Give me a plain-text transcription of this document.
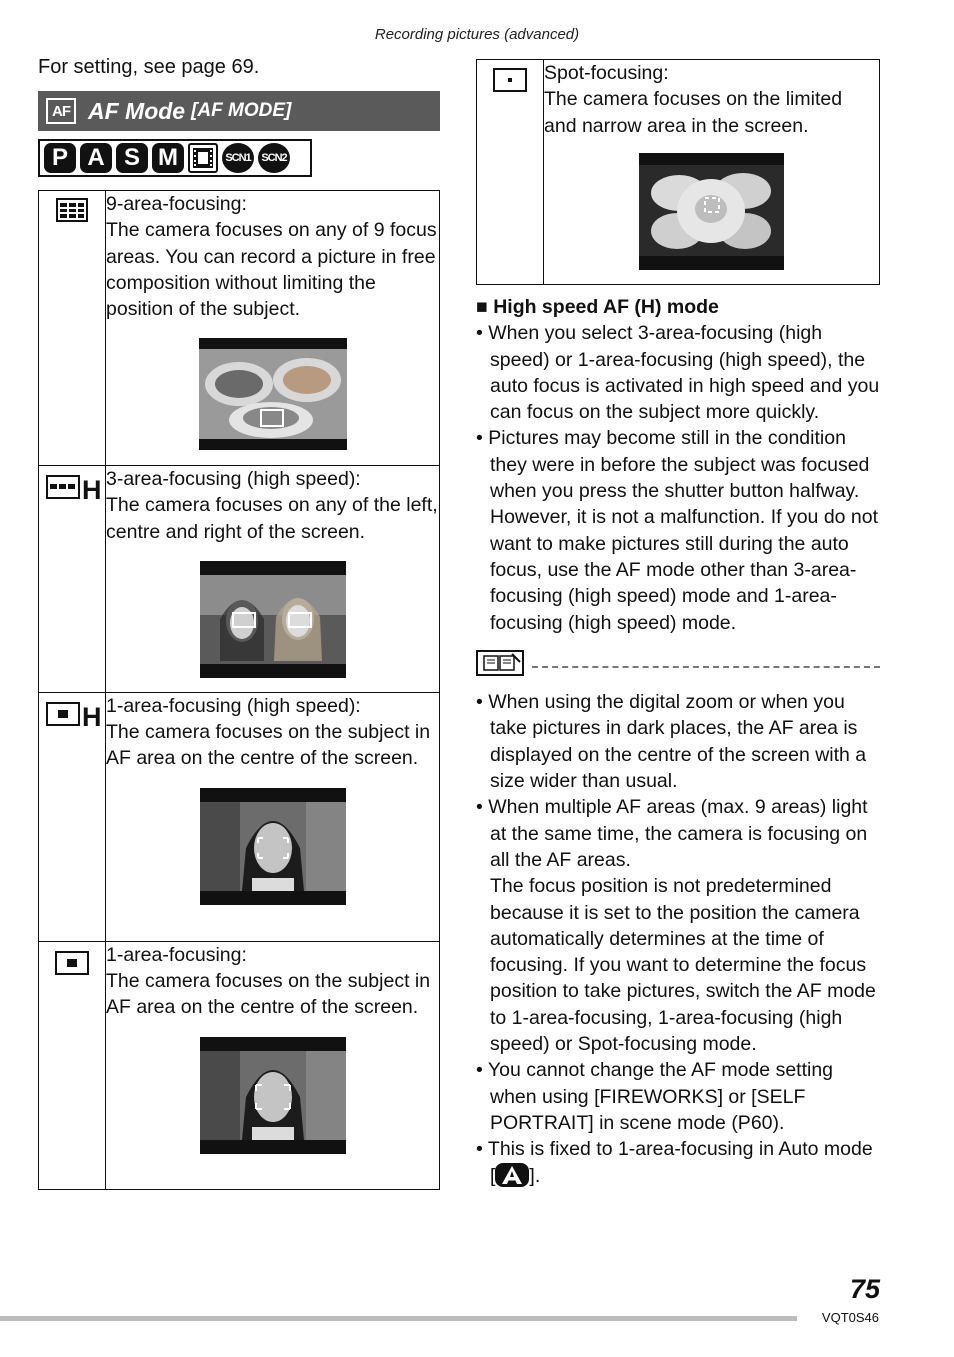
Recording pictures (advanced)
For setting, see page 69.
AF AF Mode [AF MODE]
P A S M	SCN1 SCN2

9-area-focusing:
The camera focuses on any of 9 focus areas. You can record a picture in free composition without limiting the position of the subject.

H	3-area-focusing (high speed):
The camera focuses on any of the left, centre and right of the screen.

H	1-area-focusing (high speed):
The camera focuses on the subject in AF area on the centre of the screen.

1-area-focusing:
The camera focuses on the subject in AF area on the centre of the screen.

Spot-focusing:
The camera focuses on the limited and narrow area in the screen.
■ High speed AF (H) mode
• When you select 3-area-focusing (high speed) or 1-area-focusing (high speed), the auto focus is activated in high speed and you can focus on the subject more quickly.
• Pictures may become still in the condition they were in before the subject was focused when you press the shutter button halfway. However, it is not a malfunction. If you do not want to make pictures still during the auto focus, use the AF mode other than 3-area-focusing (high speed) mode and 1-area-focusing (high speed) mode.
• When using the digital zoom or when you take pictures in dark places, the AF area is displayed on the centre of the screen with a size wider than usual.
• When multiple AF areas (max. 9 areas) light at the same time, the camera is focusing on all the AF areas.
The focus position is not predetermined because it is set to the position the camera automatically determines at the time of focusing. If you want to determine the focus position to take pictures, switch the AF mode to 1-area-focusing, 1-area-focusing (high speed) or Spot-focusing mode.
• You cannot change the AF mode setting when using [FIREWORKS] or [SELF PORTRAIT] in scene mode (P60).
• This is fixed to 1-area-focusing in Auto mode [ ].
75
VQT0S46
